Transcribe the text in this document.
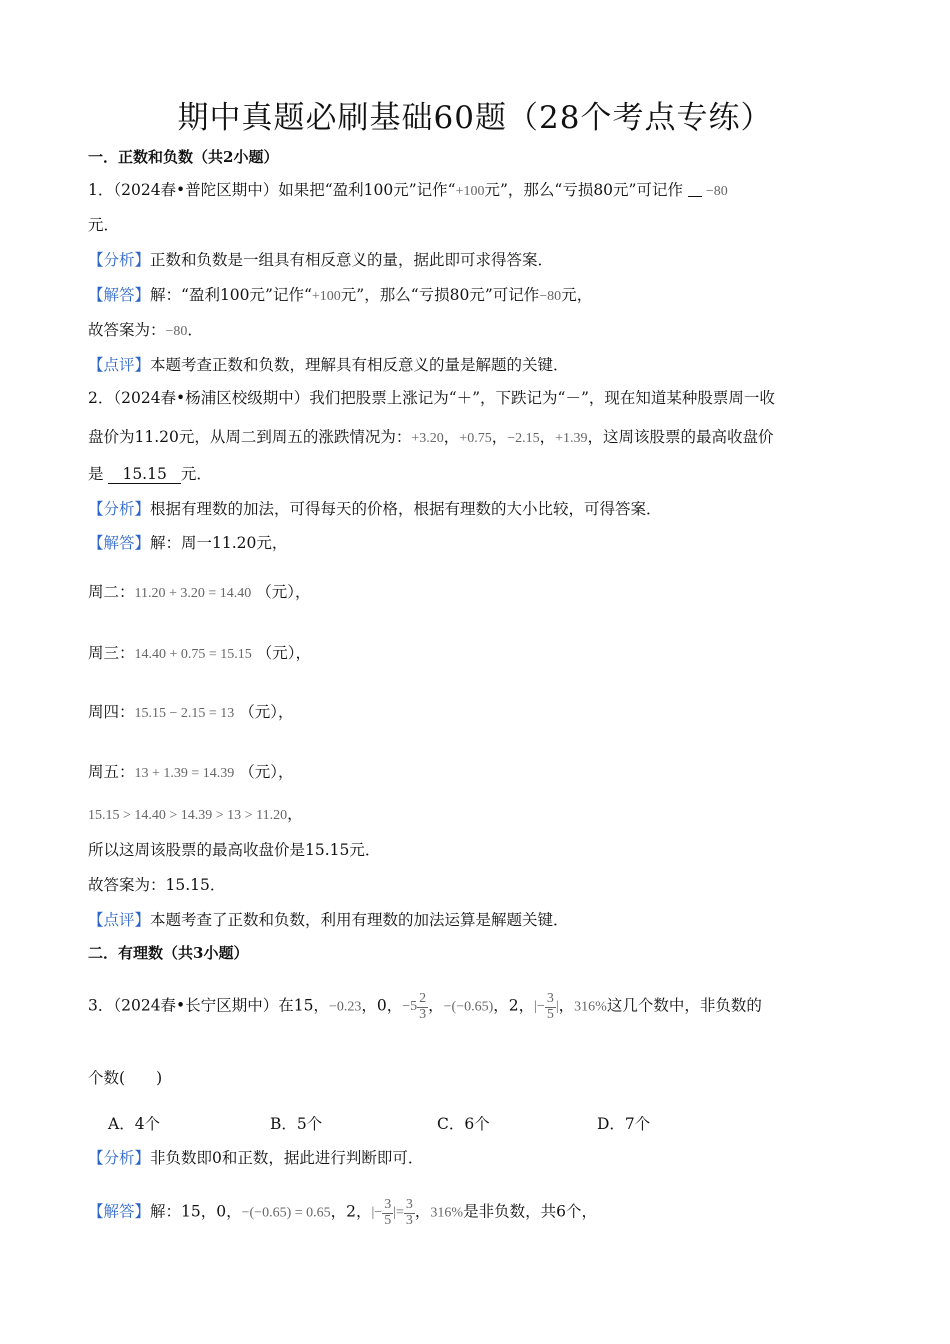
期中真题必刷基础60题（28个考点专练）
一．正数和负数（共2小题）
1．（2024春•普陀区期中）如果把“盈利100元”记作“+100元”，那么“亏损80元”可记作 −80
元．
【分析】正数和负数是一组具有相反意义的量，据此即可求得答案．
【解答】解：“盈利100元”记作“+100元”，那么“亏损80元”可记作−80元，
故答案为：−80．
【点评】本题考查正数和负数，理解具有相反意义的量是解题的关键．
2．（2024春•杨浦区校级期中）我们把股票上涨记为“＋”，下跌记为“－”，现在知道某种股票周一收
盘价为11.20元，从周二到周五的涨跌情况为：+3.20，+0.75，−2.15，+1.39，这周该股票的最高收盘价
是 15.15 元．
【分析】根据有理数的加法，可得每天的价格，根据有理数的大小比较，可得答案．
【解答】解：周一11.20元，
周二：11.20 + 3.20 = 14.40 （元），
周三：14.40 + 0.75 = 15.15 （元），
周四：15.15 − 2.15 = 13 （元），
周五：13 + 1.39 = 14.39 （元），
15.15 > 14.40 > 14.39 > 13 > 11.20，
所以这周该股票的最高收盘价是15.15元．
故答案为：15.15．
【点评】本题考查了正数和负数，利用有理数的加法运算是解题关键．
二．有理数（共3小题）
3．（2024春•长宁区期中）在15，−0.23，0，$-5 \frac{2}{3}$ ，−(−0.65)，2，|− $\frac{3}{5}$ |，316%这几个数中，非负数的
个数(　　)
A．4个	B．5个	C．6个	D．7个
【分析】非负数即0和正数，据此进行判断即可．
【解答】解：15，0，−(−0.65) = 0.65，2，|− $\frac{3}{5}$ |= $\frac{3}{3}$ ，316%是非负数，共6个，
